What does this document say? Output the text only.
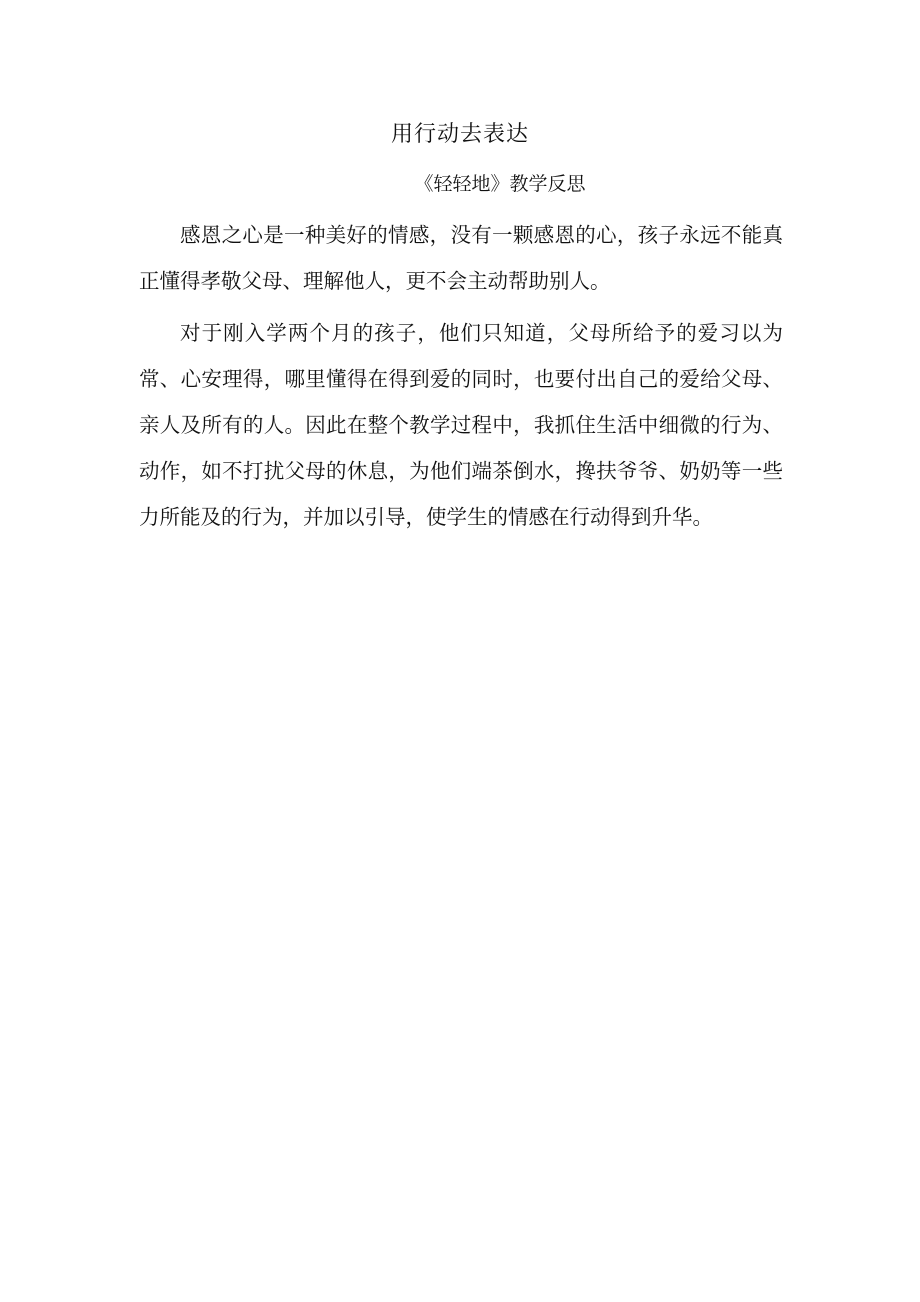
用行动去表达
《轻轻地》教学反思

感恩之心是一种美好的情感，没有一颗感恩的心，孩子永远不能真正懂得孝敬父母、理解他人，更不会主动帮助别人。

对于刚入学两个月的孩子，他们只知道，父母所给予的爱习以为常、心安理得，哪里懂得在得到爱的同时，也要付出自己的爱给父母、亲人及所有的人。因此在整个教学过程中，我抓住生活中细微的行为、动作，如不打扰父母的休息，为他们端茶倒水，搀扶爷爷、奶奶等一些力所能及的行为，并加以引导，使学生的情感在行动得到升华。
